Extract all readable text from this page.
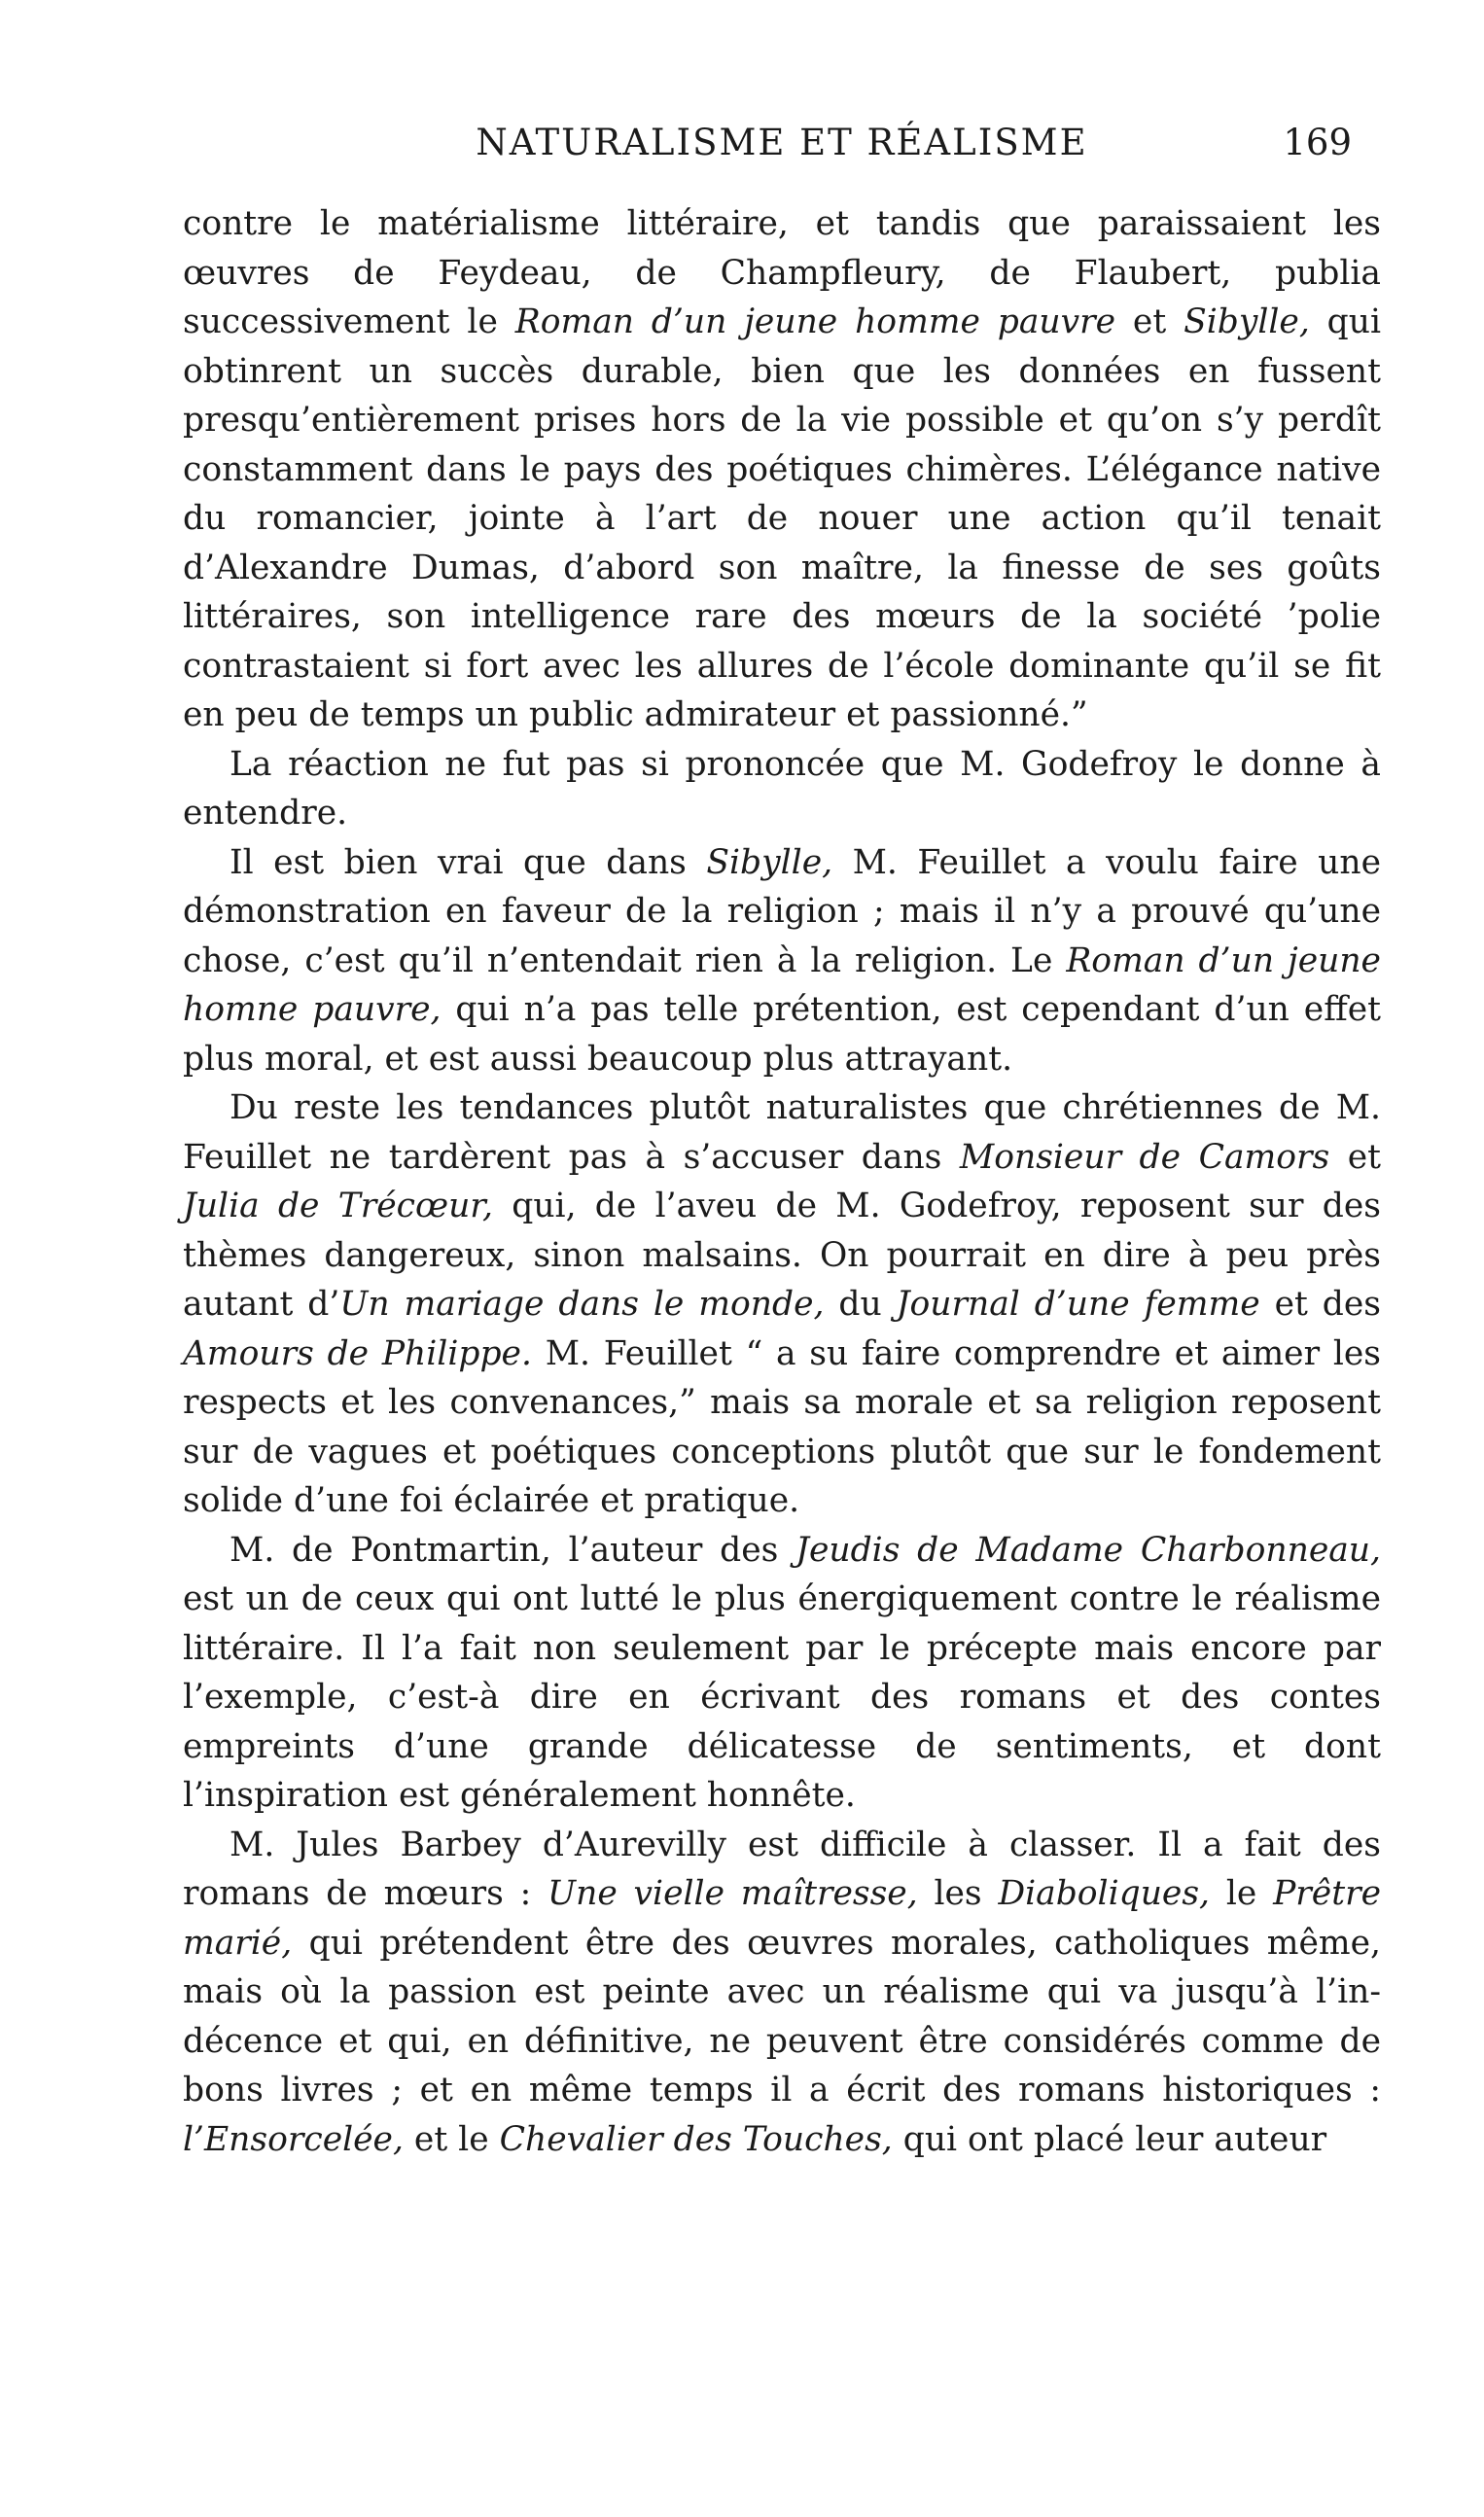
NATURALISME ET RÉALISME	169

contre le matérialisme littéraire, et tandis que paraissaient les œuvres de Feydeau, de Champfleury, de Flaubert, publia successivement le Roman d’un jeune homme pauvre et Sibylle, qui obtinrent un succès durable, bien que les données en fussent presqu’entièrement prises hors de la vie possible et qu’on s’y perdît constamment dans le pays des poétiques chimères. L’élégance native du romancier, jointe à l’art de nouer une action qu’il tenait d’Alexandre Dumas, d’abord son maître, la finesse de ses goûts littéraires, son intelligence rare des mœurs de la société ’polie contrastaient si fort avec les allures de l’école dominante qu’il se fit en peu de temps un public admirateur et passionné.”

La réaction ne fut pas si prononcée que M. Godefroy le donne à entendre.

Il est bien vrai que dans Sibylle, M. Feuillet a voulu faire une démonstration en faveur de la religion ; mais il n’y a prouvé qu’une chose, c’est qu’il n’entendait rien à la religion. Le Roman d’un jeune homne pauvre, qui n’a pas telle prétention, est cependant d’un effet plus moral, et est aussi beaucoup plus attrayant.

Du reste les tendances plutôt naturalistes que chrétiennes de M. Feuillet ne tardèrent pas à s’accuser dans Monsieur de Camors et Julia de Trécœur, qui, de l’aveu de M. Godefroy, reposent sur des thèmes dangereux, sinon malsains. On pourrait en dire à peu près autant d’Un mariage dans le monde, du Journal d’une femme et des Amours de Philippe. M. Feuillet “ a su faire comprendre et aimer les respects et les convenances,” mais sa morale et sa religion reposent sur de vagues et poétiques conceptions plutôt que sur le fondement solide d’une foi éclairée et pratique.

M. de Pontmartin, l’auteur des Jeudis de Madame Charbonneau, est un de ceux qui ont lutté le plus énergiquement contre le réalisme littéraire. Il l’a fait non seulement par le précepte mais encore par l’exemple, c’est-à dire en écrivant des romans et des contes empreints d’une grande délicatesse de sentiments, et dont l’inspiration est généralement honnête.

M. Jules Barbey d’Aurevilly est difficile à classer. Il a fait des romans de mœurs : Une vielle maîtresse, les Diaboliques, le Prêtre marié, qui prétendent être des œuvres morales, catholiques même, mais où la passion est peinte avec un réalisme qui va jusqu’à l’indécence et qui, en définitive, ne peuvent être considérés comme de bons livres ; et en même temps il a écrit des romans historiques : l’Ensorcelée, et le Chevalier des Touches, qui ont placé leur auteur
